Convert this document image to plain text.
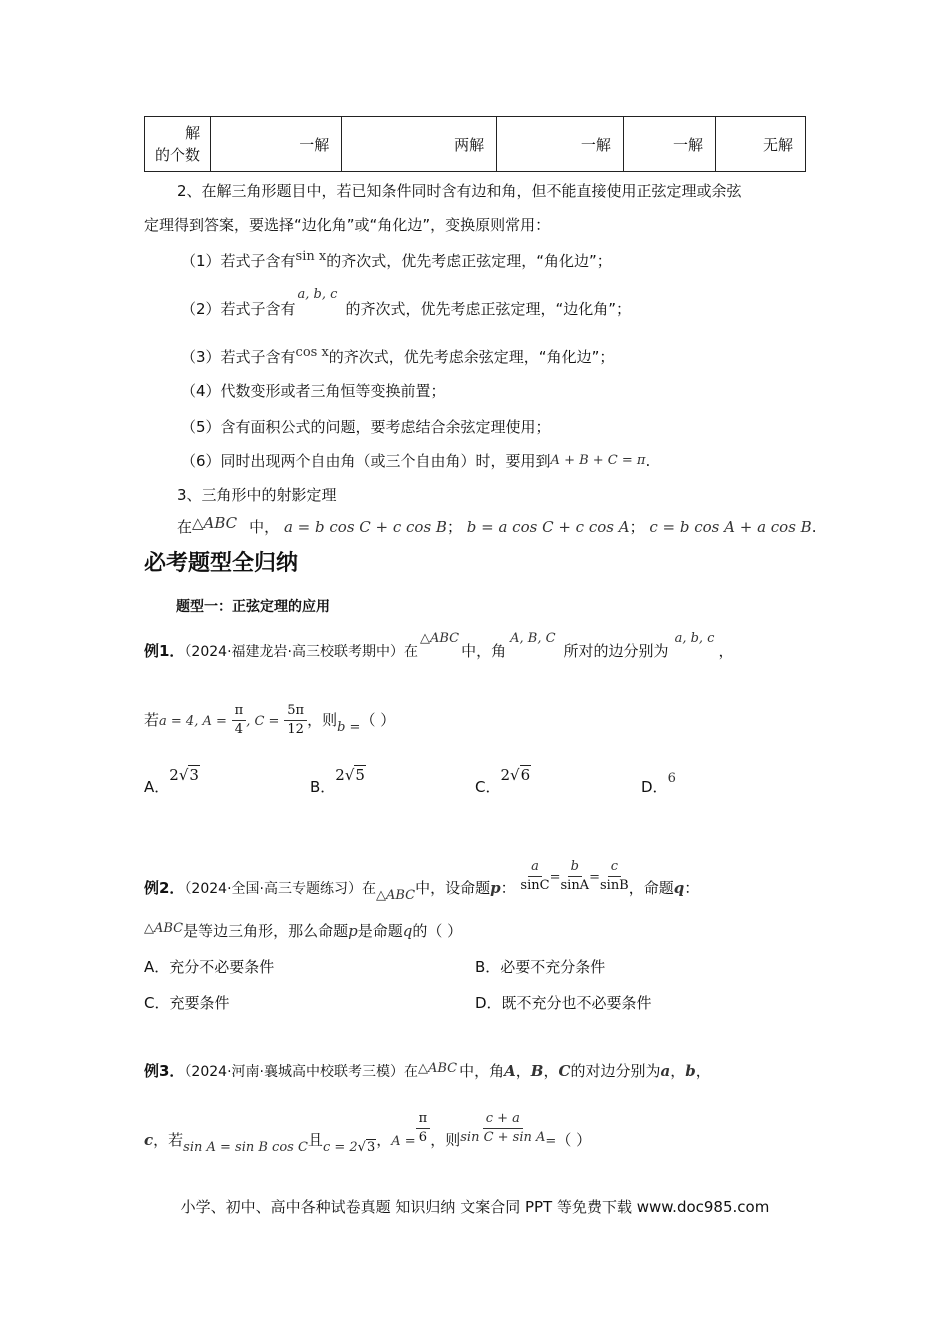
解
的个数
	一解	两解	一解	一解	无解
2、在解三角形题目中，若已知条件同时含有边和角，但不能直接使用正弦定理或余弦
定理得到答案，要选择“边化角”或“角化边”，变换原则常用：
（1）若式子含有sin x的齐次式，优先考虑正弦定理，“角化边”；
（2）若式子含有a, b, c的齐次式，优先考虑正弦定理，“边化角”；
（3）若式子含有cos x的齐次式，优先考虑余弦定理，“角化边”；
（4）代数变形或者三角恒等变换前置；
（5）含有面积公式的问题，要考虑结合余弦定理使用；
（6）同时出现两个自由角（或三个自由角）时，要用到A + B + C = π.
3、三角形中的射影定理
在△ABC 中， a = b cos C + c cos B； b = a cos C + c cos A； c = b cos A + a cos B.
必考题型全归纳
题型一：正弦定理的应用
例1．（2024·福建龙岩·高三校联考期中）在△ABC中，角A, B, C所对的边分别为a, b, c，
若a = 4, $A = \frac{\pi}{4}$ , $C = \frac{5\pi}{12}$ ，则b =（ ）
A．2√3
B．2√5
C．2√6
D．6
例2．（2024·全国·高三专题练习）在△ABC中，设命题p： $\frac{a}{\sin C} = \frac{b}{\sin A} = \frac{c}{\sin B}$ ，命题q：
△ABC是等边三角形，那么命题p是命题q的（ ）
A．充分不必要条件	B．必要不充分条件
C．充要条件	D．既不充分也不必要条件
例3．（2024·河南·襄城高中校联考三模）在△ABC 中，角A，B，C的对边分别为a，b，
c，若sin A = sin B cos C且c = 2√3，$A = \frac{\pi}{6}$ ，则 $\frac{c + a}{\text{sin C + sin A}}$ =（ ）
小学、初中、高中各种试卷真题 知识归纳 文案合同 PPT 等免费下载 www.doc985.com
